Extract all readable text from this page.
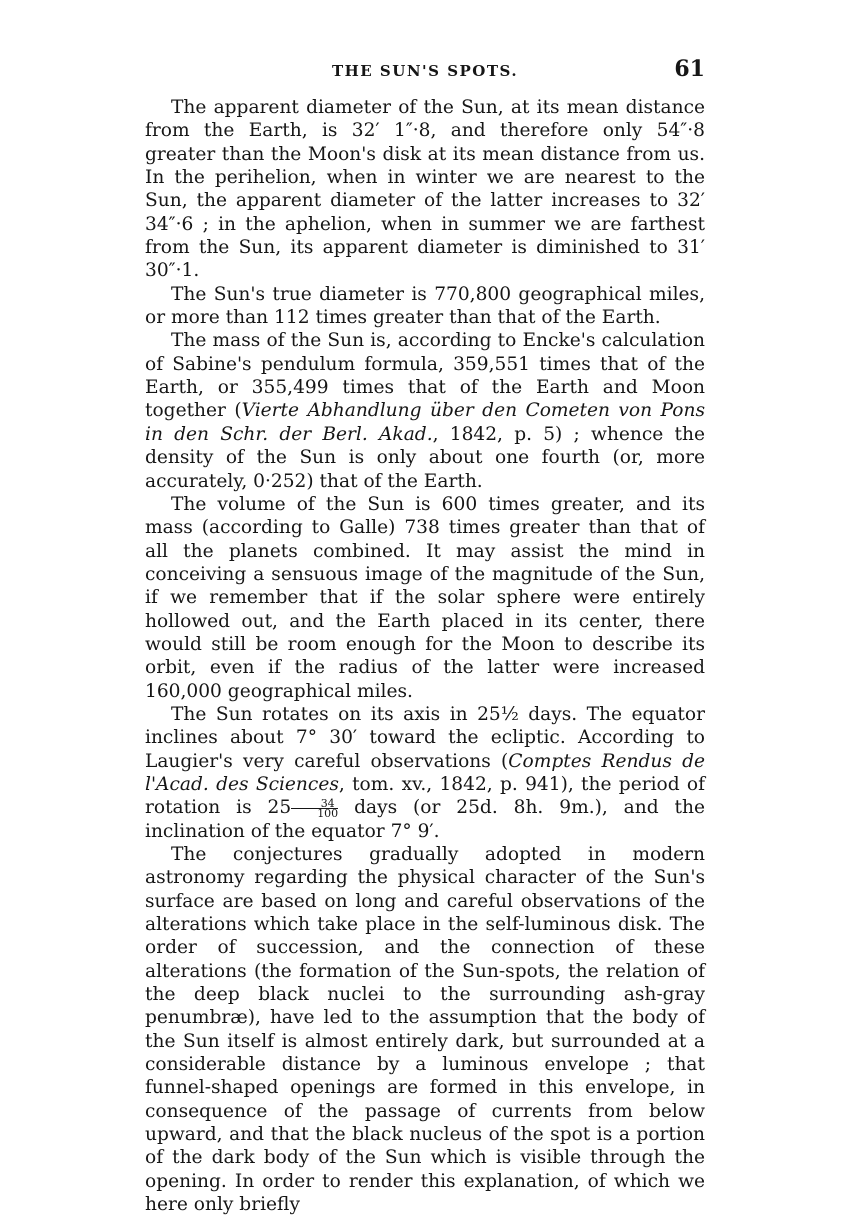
THE SUN'S SPOTS.	61

The apparent diameter of the Sun, at its mean distance from the Earth, is 32′ 1″·8, and therefore only 54″·8 greater than the Moon's disk at its mean distance from us. In the perihelion, when in winter we are nearest to the Sun, the apparent diameter of the latter increases to 32′ 34″·6 ; in the aphelion, when in summer we are farthest from the Sun, its apparent diameter is diminished to 31′ 30″·1.

The Sun's true diameter is 770,800 geographical miles, or more than 112 times greater than that of the Earth.

The mass of the Sun is, according to Encke's calculation of Sabine's pendulum formula, 359,551 times that of the Earth, or 355,499 times that of the Earth and Moon together (Vierte Abhandlung über den Cometen von Pons in den Schr. der Berl. Akad., 1842, p. 5) ; whence the density of the Sun is only about one fourth (or, more accurately, 0·252) that of the Earth.

The volume of the Sun is 600 times greater, and its mass (according to Galle) 738 times greater than that of all the planets combined. It may assist the mind in conceiving a sensuous image of the magnitude of the Sun, if we remember that if the solar sphere were entirely hollowed out, and the Earth placed in its center, there would still be room enough for the Moon to describe its orbit, even if the radius of the latter were increased 160,000 geographical miles.

The Sun rotates on its axis in 25½ days. The equator inclines about 7° 30′ toward the ecliptic. According to Laugier's very careful observations (Comptes Rendus de l'Acad. des Sciences, tom. xv., 1842, p. 941), the period of rotation is $25 \frac{34}{100}$ days (or 25d. 8h. 9m.), and the inclination of the equator 7° 9′.

The conjectures gradually adopted in modern astronomy regarding the physical character of the Sun's surface are based on long and careful observations of the alterations which take place in the self-luminous disk. The order of succession, and the connection of these alterations (the formation of the Sun-spots, the relation of the deep black nuclei to the surrounding ash-gray penumbræ), have led to the assumption that the body of the Sun itself is almost entirely dark, but surrounded at a considerable distance by a luminous envelope ; that funnel-shaped openings are formed in this envelope, in consequence of the passage of currents from below upward, and that the black nucleus of the spot is a portion of the dark body of the Sun which is visible through the opening. In order to render this explanation, of which we here only briefly
